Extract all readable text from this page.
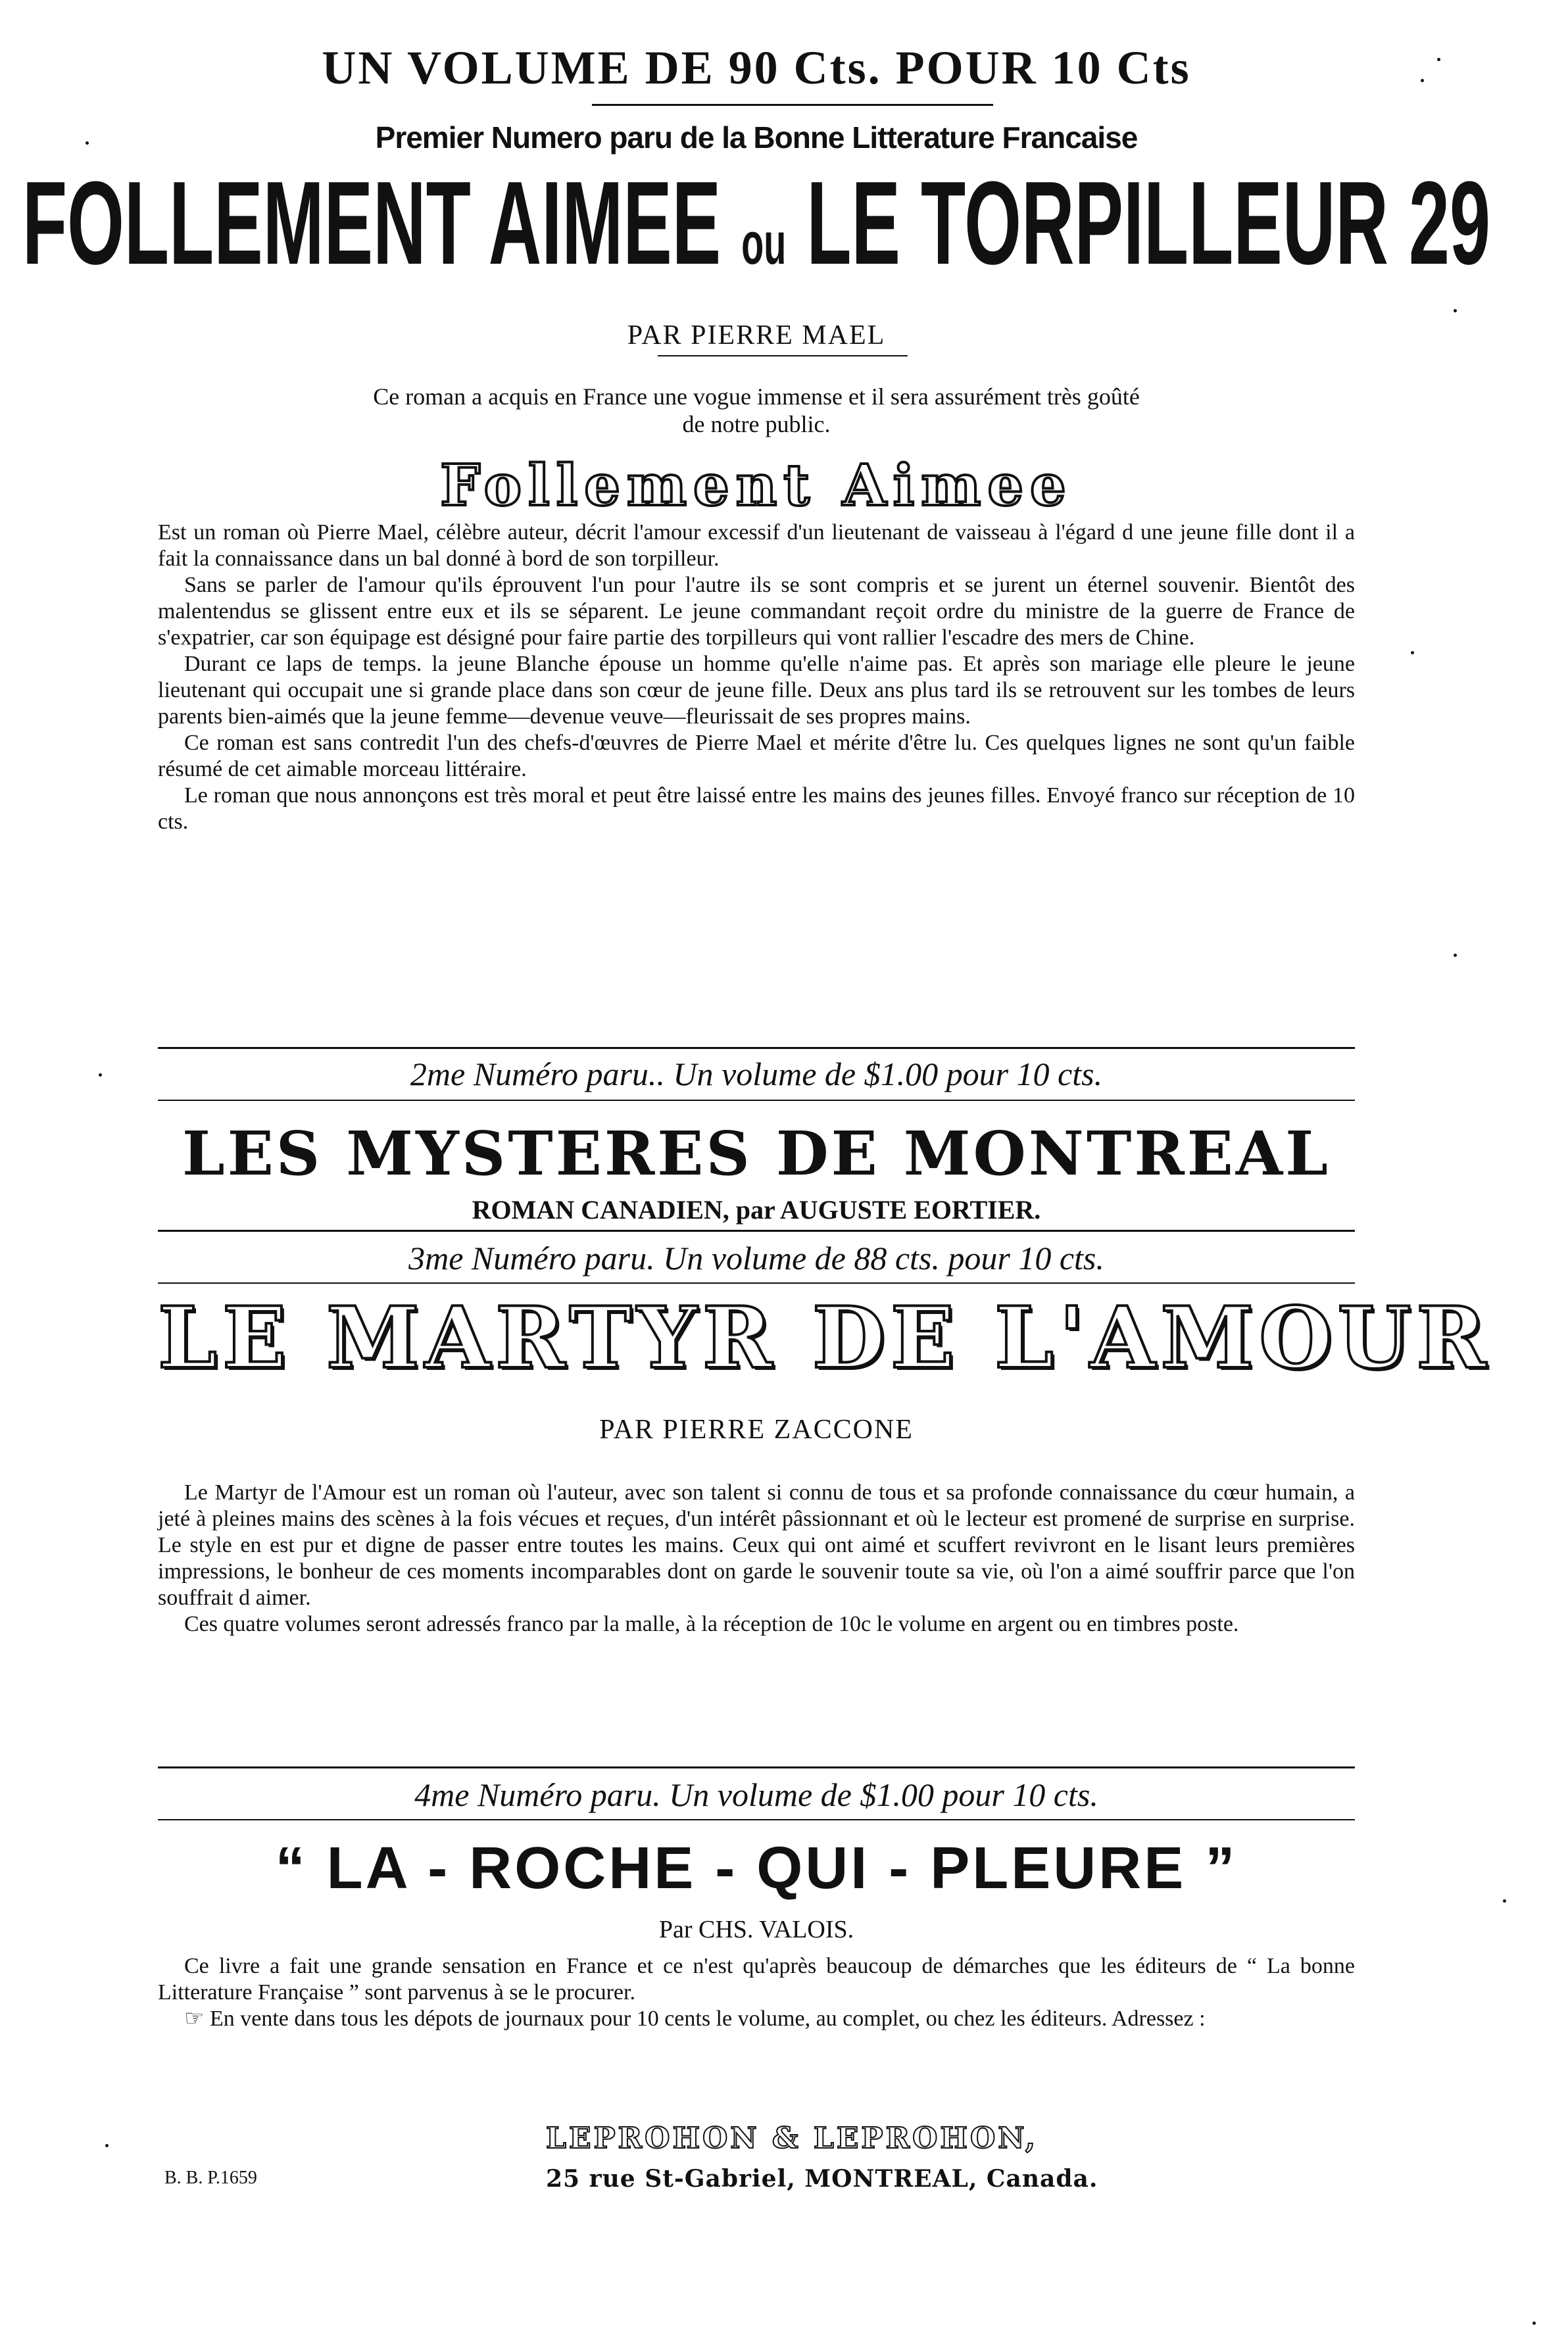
UN VOLUME DE 90 Cts. POUR 10 Cts
Premier Numero paru de la Bonne Litterature Francaise
FOLLEMENT AIMEE ou LE TORPILLEUR 29
PAR PIERRE MAEL
Ce roman a acquis en France une vogue immense et il sera assurément très goûté
de notre public.
Follement Aimee

Est un roman où Pierre Mael, célèbre auteur, décrit l'amour excessif d'un lieutenant de vaisseau à l'égard d une jeune fille dont il a fait la connaissance dans un bal donné à bord de son torpilleur.

Sans se parler de l'amour qu'ils éprouvent l'un pour l'autre ils se sont compris et se jurent un éternel souvenir. Bientôt des malentendus se glissent entre eux et ils se séparent. Le jeune commandant reçoit ordre du ministre de la guerre de France de s'expatrier, car son équipage est désigné pour faire partie des torpilleurs qui vont rallier l'escadre des mers de Chine.

Durant ce laps de temps. la jeune Blanche épouse un homme qu'elle n'aime pas. Et après son mariage elle pleure le jeune lieutenant qui occupait une si grande place dans son cœur de jeune fille. Deux ans plus tard ils se retrouvent sur les tombes de leurs parents bien-aimés que la jeune femme—devenue veuve—fleurissait de ses propres mains.

Ce roman est sans contredit l'un des chefs-d'œuvres de Pierre Mael et mérite d'être lu. Ces quelques lignes ne sont qu'un faible résumé de cet aimable morceau littéraire.

Le roman que nous annonçons est très moral et peut être laissé entre les mains des jeunes filles. Envoyé franco sur réception de 10 cts.

2me Numéro paru.. Un volume de $1.00 pour 10 cts.
LES MYSTERES DE MONTREAL
ROMAN CANADIEN, par AUGUSTE EORTIER.
3me Numéro paru. Un volume de 88 cts. pour 10 cts.
LE MARTYR DE L'AMOUR
PAR PIERRE ZACCONE

Le Martyr de l'Amour est un roman où l'auteur, avec son talent si connu de tous et sa profonde connaissance du cœur humain, a jeté à pleines mains des scènes à la fois vécues et reçues, d'un intérêt pâssionnant et où le lecteur est promené de surprise en surprise. Le style en est pur et digne de passer entre toutes les mains. Ceux qui ont aimé et scuffert revivront en le lisant leurs premières impressions, le bonheur de ces moments incomparables dont on garde le souvenir toute sa vie, où l'on a aimé souffrir parce que l'on souffrait d aimer.

Ces quatre volumes seront adressés franco par la malle, à la réception de 10c le volume en argent ou en timbres poste.

4me Numéro paru. Un volume de $1.00 pour 10 cts.
“ LA - ROCHE - QUI - PLEURE ”
Par CHS. VALOIS.

Ce livre a fait une grande sensation en France et ce n'est qu'après beaucoup de démarches que les éditeurs de “ La bonne Litterature Française ” sont parvenus à se le procurer.

☞ En vente dans tous les dépots de journaux pour 10 cents le volume, au complet, ou chez les éditeurs. Adressez :

LEPROHON & LEPROHON,
25 rue St-Gabriel, MONTREAL, Canada.
B. B. P.1659
